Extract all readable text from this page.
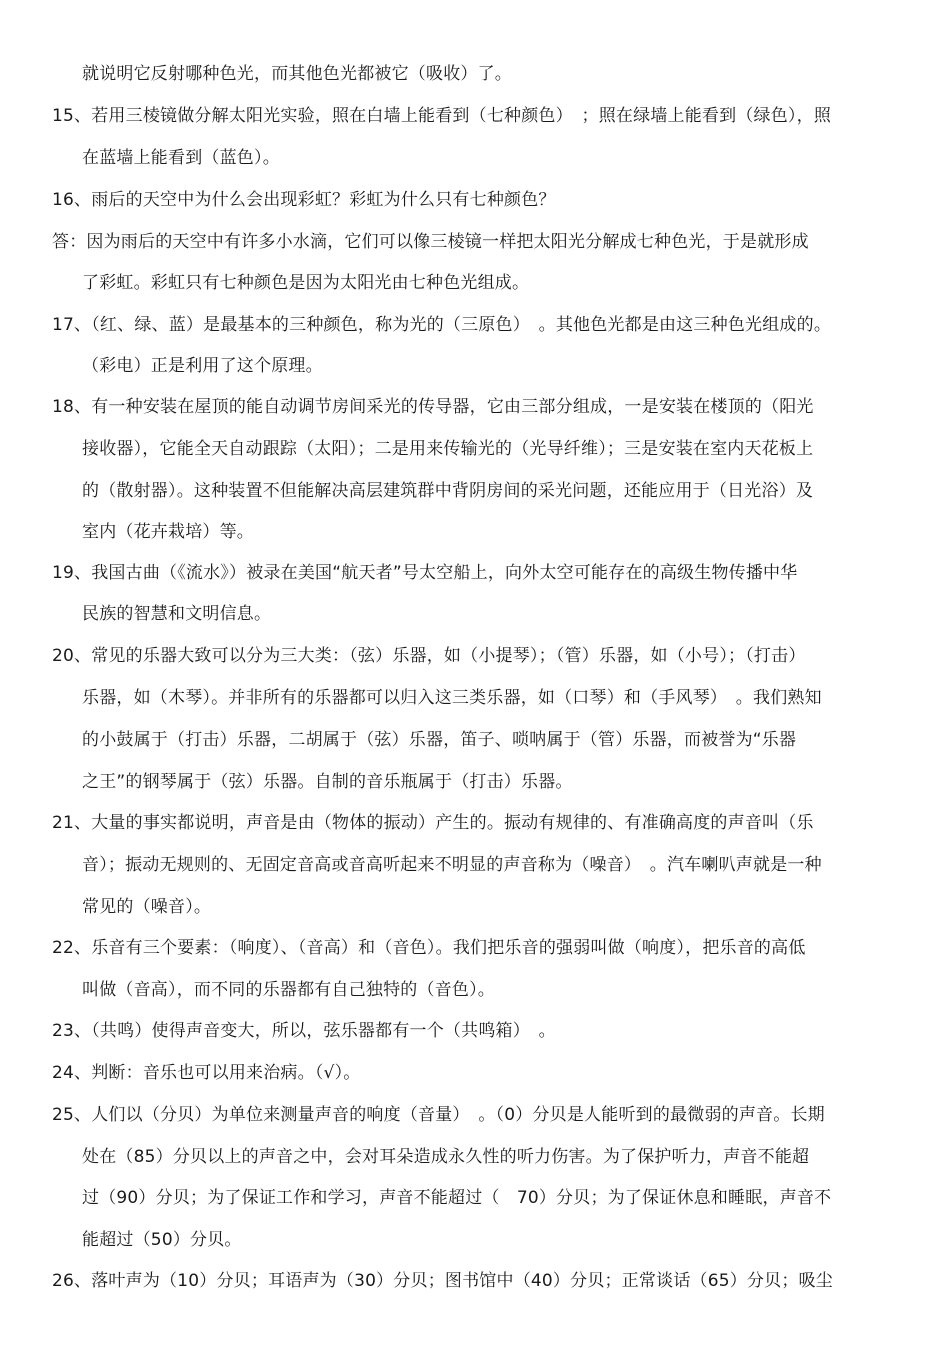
就说明它反射哪种色光，而其他色光都被它（吸收）了。
15、若用三棱镜做分解太阳光实验，照在白墙上能看到（七种颜色）　；照在绿墙上能看到（绿色），照
在蓝墙上能看到（蓝色）。
16、雨后的天空中为什么会出现彩虹？彩虹为什么只有七种颜色？
答：因为雨后的天空中有许多小水滴，它们可以像三棱镜一样把太阳光分解成七种色光，于是就形成
了彩虹。彩虹只有七种颜色是因为太阳光由七种色光组成。
17、（红、绿、蓝）是最基本的三种颜色，称为光的（三原色）　。其他色光都是由这三种色光组成的。
（彩电）正是利用了这个原理。
18、有一种安装在屋顶的能自动调节房间采光的传导器，它由三部分组成，一是安装在楼顶的（阳光
接收器），它能全天自动跟踪（太阳）；二是用来传输光的（光导纤维）；三是安装在室内天花板上
的（散射器）。这种装置不但能解决高层建筑群中背阴房间的采光问题，还能应用于（日光浴）及
室内（花卉栽培）等。
19、我国古曲（《流水》）被录在美国“航天者”号太空船上，向外太空可能存在的高级生物传播中华
民族的智慧和文明信息。
20、常见的乐器大致可以分为三大类：（弦）乐器，如（小提琴）；（管）乐器，如（小号）；（打击）
乐器，如（木琴）。并非所有的乐器都可以归入这三类乐器，如（口琴）和（手风琴）　。我们熟知
的小鼓属于（打击）乐器，二胡属于（弦）乐器，笛子、唢呐属于（管）乐器，而被誉为“乐器
之王”的钢琴属于（弦）乐器。自制的音乐瓶属于（打击）乐器。
21、大量的事实都说明，声音是由（物体的振动）产生的。振动有规律的、有准确高度的声音叫（乐
音）；振动无规则的、无固定音高或音高听起来不明显的声音称为（噪音）　。汽车喇叭声就是一种
常见的（噪音）。
22、乐音有三个要素：（响度）、（音高）和（音色）。我们把乐音的强弱叫做（响度），把乐音的高低
叫做（音高），而不同的乐器都有自己独特的（音色）。
23、（共鸣）使得声音变大，所以，弦乐器都有一个（共鸣箱）　。
24、判断：音乐也可以用来治病。（√）。
25、人们以（分贝）为单位来测量声音的响度（音量）　。（0）分贝是人能听到的最微弱的声音。长期
处在（85）分贝以上的声音之中，会对耳朵造成永久性的听力伤害。为了保护听力，声音不能超
过（90）分贝；为了保证工作和学习，声音不能超过（　70）分贝；为了保证休息和睡眠，声音不
能超过（50）分贝。
26、落叶声为（10）分贝；耳语声为（30）分贝；图书馆中（40）分贝；正常谈话（65）分贝；吸尘
